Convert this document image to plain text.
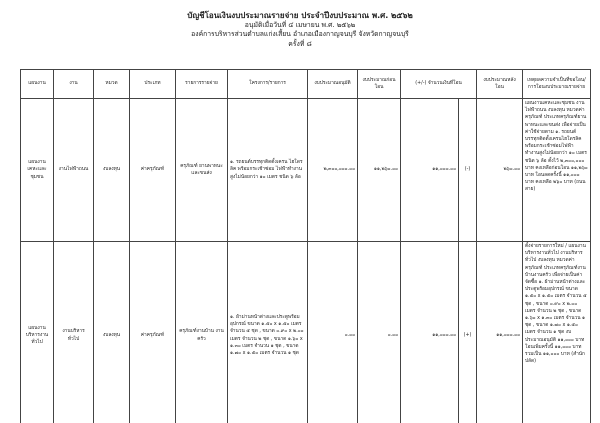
บัญชีโอนเงินงบประมาณรายจ่าย ประจำปีงบประมาณ พ.ศ. ๒๕๖๒
อนุมัติเมื่อวันที่ ๔ เมษายน พ.ศ. ๒๕๖๒
องค์การบริหารส่วนตำบลแก่งเสี้ยน อำเภอเมืองกาญจนบุรี จังหวัดกาญจนบุรี
ครั้งที่ ๘
แผนงาน	งาน	หมวด	ประเภท	รายการรายจ่าย	โครงการ/รายการ	งบประมาณอนุมัติ	งบประมาณก่อนโอน	(+/-) จำนวนเงินที่โอน		งบประมาณหลังโอน	เหตุผลความจำเป็นที่ขอโอน/การโอนงบประมาณรายจ่าย
แผนงาน เคหะและชุมชน	งานไฟฟ้าถนน	งบลงทุน	ค่าครุภัณฑ์	ครุภัณฑ์ ยานพาหนะ และขนส่ง	๑. รถยนต์บรรทุกติดตั้งเครน ไฮโดรลิค พร้อมกระเช้าซ่อม ไฟฟ้าทำงานสูงไม่น้อยกว่า ๑๐ เมตร ชนิด ๖ ล้อ	๒,๓๐๐,๐๐๐.๐๐	๑๑,๒๖๐.๐๐	๑๑,๐๐๐.๐๐	(-)	๒๖๐.๐๐	แผนงานเคหะและชุมชน งานไฟฟ้าถนน งบลงทุน หมวดค่าครุภัณฑ์ ประเภทครุภัณฑ์ยานพาหนะและขนส่ง เพื่อจ่ายเป็นค่าใช้จ่ายตาม ๑. รถยนต์บรรทุกติดตั้งเครนไฮโดรลิค พร้อมกระเช้าซ่อมไฟฟ้า ทำงานสูงไม่น้อยกว่า ๑๐ เมตร ชนิด ๖ ล้อ ตั้งไว้ ๒,๓๐๐,๐๐๐ บาท คงเหลือก่อนโอน ๑๑,๒๖๐ บาท โอนลดครั้งนี้ ๑๑,๐๐๐ บาท คงเหลือ ๒๖๐ บาท (ถนนสาย)
แผนงาน บริหารงาน ทั่วไป	งานบริหาร ทั่วไป	งบลงทุน	ค่าครุภัณฑ์	ครุภัณฑ์งานบ้าน งานครัว	๑. ผ้าม่านหน้าต่างและประตูพร้อมอุปกรณ์ ขนาด ๑.๕๐ x ๑.๕๐ เมตร จำนวน ๕ ชุด , ขนาด ๐.๙๐ x ๒.๐๐ เมตร จำนวน ๒ ชุด , ขนาด ๑.๖๐ x ๑.๓๐ เมตร จำนวน ๑ ชุด , ขนาด ๑.๗๐ x ๑.๕๐ เมตร จำนวน ๑ ชุด	๐.๐๐	๐.๐๐	๑๑,๐๐๐.๐๐	(+)	๑๑,๐๐๐.๐๐	ตั้งจ่ายรายการใหม่ / แผนงานบริหารงานทั่วไป งานบริหารทั่วไป งบลงทุน หมวดค่าครุภัณฑ์ ประเภทครุภัณฑ์งานบ้านงานครัว เพื่อจ่ายเป็นค่าจัดซื้อ ๑. ผ้าม่านหน้าต่างและประตูพร้อมอุปกรณ์ ขนาด ๑.๕๐ x ๑.๕๐ เมตร จำนวน ๕ ชุด , ขนาด ๐.๙๐ x ๒.๐๐ เมตร จำนวน ๒ ชุด , ขนาด ๑.๖๐ x ๑.๓๐ เมตร จำนวน ๑ ชุด , ขนาด ๑.๗๐ x ๑.๕๐ เมตร จำนวน ๑ ชุด งบประมาณอนุมัติ ๑๑,๐๐๐ บาท โอนเพิ่มครั้งนี้ ๑๑,๐๐๐ บาท รวมเป็น ๑๑,๐๐๐ บาท (สำนักปลัด)
